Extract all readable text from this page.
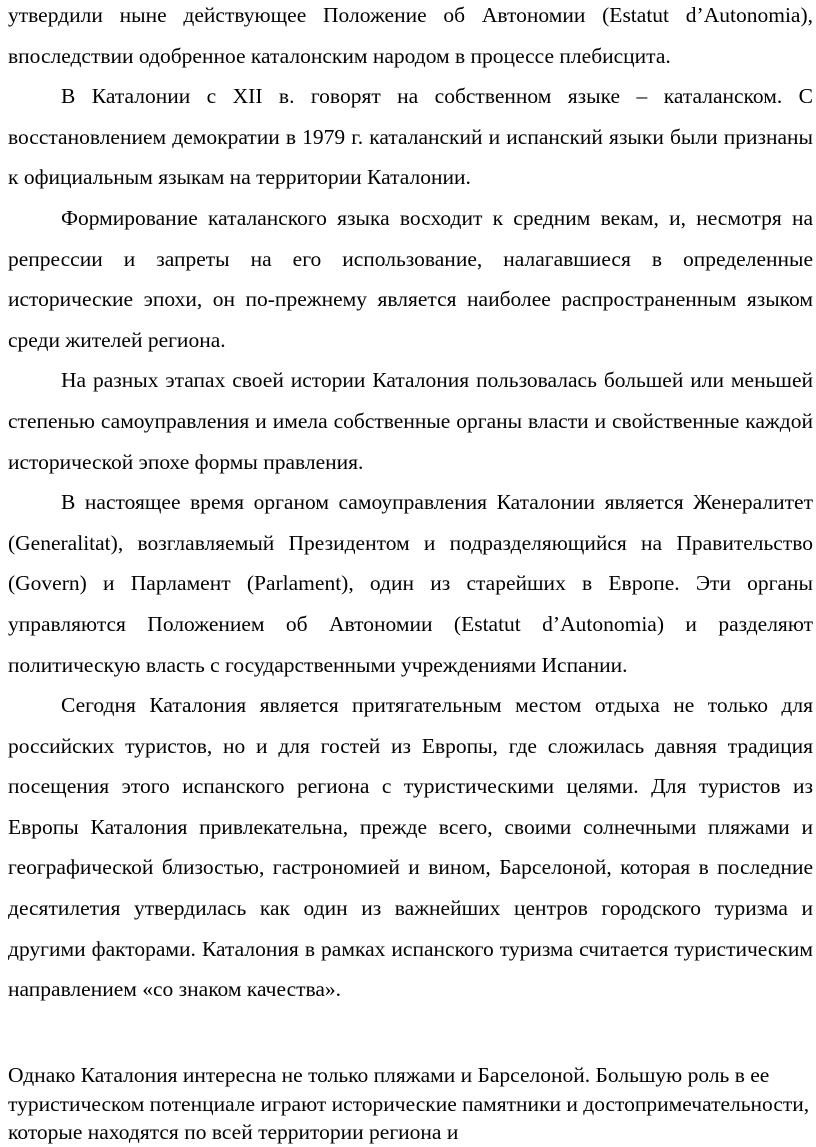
утвердили ныне действующее Положение об Автономии (Estatut d’Autonomia), впоследствии одобренное каталонским народом в процессе плебисцита.

В Каталонии с XII в. говорят на собственном языке – каталанском. С восстановлением демократии в 1979 г. каталанский и испанский языки были признаны к официальным языкам на территории Каталонии.

Формирование каталанского языка восходит к средним векам, и, несмотря на репрессии и запреты на его использование, налагавшиеся в определенные исторические эпохи, он по-прежнему является наиболее распространенным языком среди жителей региона.

На разных этапах своей истории Каталония пользовалась большей или меньшей степенью самоуправления и имела собственные органы власти и свойственные каждой исторической эпохе формы правления.

В настоящее время органом самоуправления Каталонии является Женералитет (Generalitat), возглавляемый Президентом и подразделяющийся на Правительство (Govern) и Парламент (Parlament), один из старейших в Европе. Эти органы управляются Положением об Автономии (Estatut d’Autonomia) и разделяют политическую власть с государственными учреждениями Испании.

Сегодня Каталония является притягательным местом отдыха не только для российских туристов, но и для гостей из Европы, где сложилась давняя традиция посещения этого испанского региона с туристическими целями. Для туристов из Европы Каталония привлекательна, прежде всего, своими солнечными пляжами и географической близостью, гастрономией и вином, Барселоной, которая в последние десятилетия утвердилась как один из важнейших центров городского туризма и другими факторами. Каталония в рамках испанского туризма считается туристическим направлением «со знаком качества».

Однако Каталония интересна не только пляжами и Барселоной. Большую роль в ее туристическом потенциале играют исторические памятники и достопримечательности, которые находятся по всей территории региона и
